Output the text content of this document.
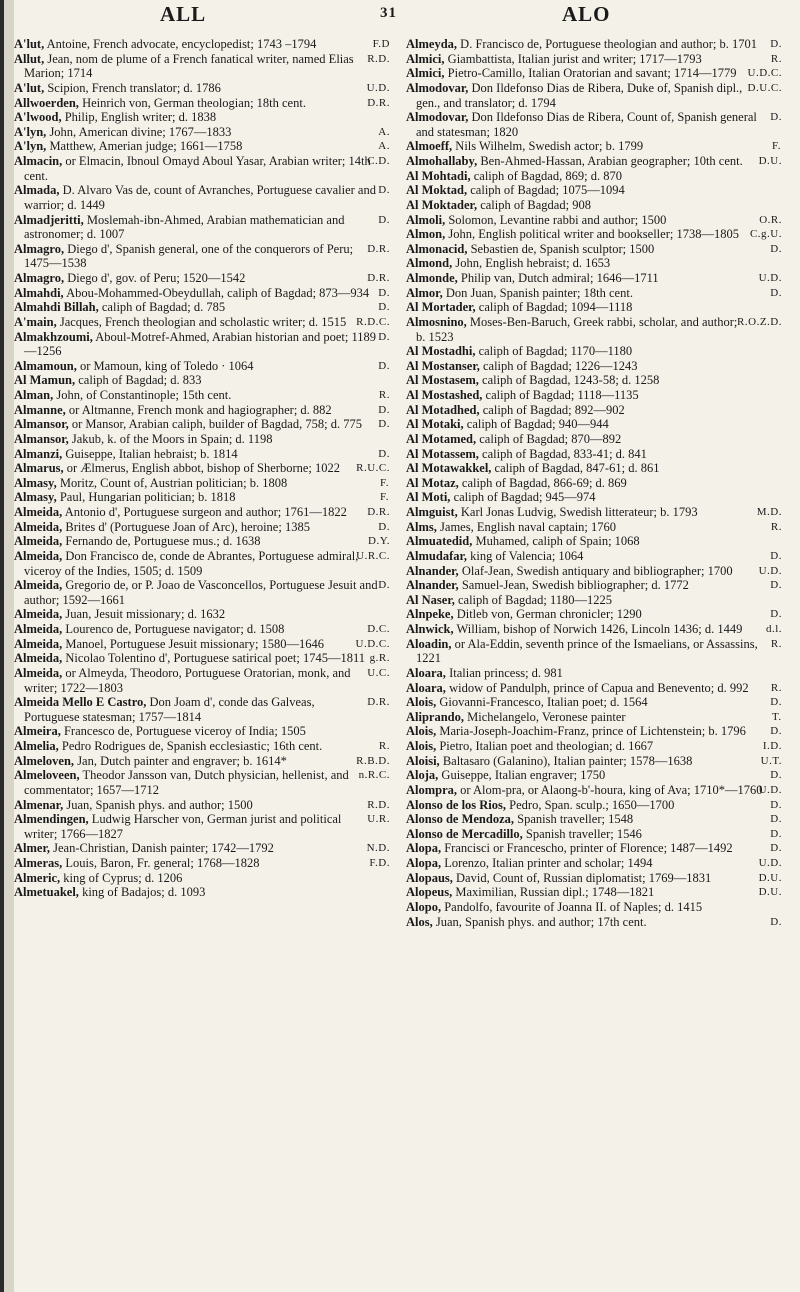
ALL	31	ALO

F.D
A'lut, Antoine, French advocate, encyclopedist; 1743 –1794

R.D.
Allut, Jean, nom de plume of a French fanatical writer, named Elias Marion; 1714

U.D.
A'lut, Scipion, French translator; d. 1786

D.R.
Allwoerden, Heinrich von, German theologian; 18th cent.

A'lwood, Philip, English writer; d. 1838

A.
A'lyn, John, American divine; 1767—1833

A.
A'lyn, Matthew, Amerian judge; 1661—1758

C.D.
Almacin, or Elmacin, Ibnoul Omayd Aboul Yasar, Arabian writer; 14th cent.

D.
Almada, D. Alvaro Vas de, count of Avranches, Portuguese cavalier and warrior; d. 1449

D.
Almadjeritti, Moslemah-ibn-Ahmed, Arabian mathematician and astronomer; d. 1007

D.R.
Almagro, Diego d', Spanish general, one of the conquerors of Peru; 1475—1538

D.R.
Almagro, Diego d', gov. of Peru; 1520—1542

D.
Almahdi, Abou-Mohammed-Obeydullah, caliph of Bagdad; 873—934

D.
Almahdi Billah, caliph of Bagdad; d. 785

R.D.C.
A'main, Jacques, French theologian and scholastic writer; d. 1515

D.
Almakhzoumi, Aboul-Motref-Ahmed, Arabian historian and poet; 1189—1256

D.
Almamoun, or Mamoun, king of Toledo · 1064

Al Mamun, caliph of Bagdad; d. 833

R.
Alman, John, of Constantinople; 15th cent.

D.
Almanne, or Altmanne, French monk and hagiographer; d. 882

D.
Almansor, or Mansor, Arabian caliph, builder of Bagdad, 758; d. 775

Almansor, Jakub, k. of the Moors in Spain; d. 1198

D.
Almanzi, Guiseppe, Italian hebraist; b. 1814

R.U.C.
Almarus, or Ælmerus, English abbot, bishop of Sherborne; 1022

F.
Almasy, Moritz, Count of, Austrian politician; b. 1808

F.
Almasy, Paul, Hungarian politician; b. 1818

D.R.
Almeida, Antonio d', Portuguese surgeon and author; 1761—1822

D.
Almeida, Brites d' (Portuguese Joan of Arc), heroine; 1385

D.Y.
Almeida, Fernando de, Portuguese mus.; d. 1638

U.R.C.
Almeida, Don Francisco de, conde de Abrantes, Portuguese admiral, viceroy of the Indies, 1505; d. 1509

D.
Almeida, Gregorio de, or P. Joao de Vasconcellos, Portuguese Jesuit and author; 1592—1661

Almeida, Juan, Jesuit missionary; d. 1632

D.C.
Almeida, Lourenco de, Portuguese navigator; d. 1508

U.D.C.
Almeida, Manoel, Portuguese Jesuit missionary; 1580—1646

g.R.
Almeida, Nicolao Tolentino d', Portuguese satirical poet; 1745—1811

U.C.
Almeida, or Almeyda, Theodoro, Portuguese Oratorian, monk, and writer; 1722—1803

D.R.
Almeida Mello E Castro, Don Joam d', conde das Galveas, Portuguese statesman; 1757—1814

Almeira, Francesco de, Portuguese viceroy of India; 1505

R.
Almelia, Pedro Rodrigues de, Spanish ecclesiastic; 16th cent.

R.B.D.
Almeloven, Jan, Dutch painter and engraver; b. 1614*

n.R.C.
Almeloveen, Theodor Jansson van, Dutch physician, hellenist, and commentator; 1657—1712

R.D.
Almenar, Juan, Spanish phys. and author; 1500

U.R.
Almendingen, Ludwig Harscher von, German jurist and political writer; 1766—1827

N.D.
Almer, Jean-Christian, Danish painter; 1742—1792

F.D.
Almeras, Louis, Baron, Fr. general; 1768—1828

Almeric, king of Cyprus; d. 1206

Almetuakel, king of Badajos; d. 1093

D.
Almeyda, D. Francisco de, Portuguese theologian and author; b. 1701

R.
Almici, Giambattista, Italian jurist and writer; 1717—1793

U.D.C.
Almici, Pietro-Camillo, Italian Oratorian and savant; 1714—1779

D.U.C.
Almodovar, Don Ildefonso Dias de Ribera, Duke of, Spanish dipl., gen., and translator; d. 1794

D.
Almodovar, Don Ildefonso Dias de Ribera, Count of, Spanish general and statesman; 1820

F.
Almoeff, Nils Wilhelm, Swedish actor; b. 1799

D.U.
Almohallaby, Ben-Ahmed-Hassan, Arabian geographer; 10th cent.

Al Mohtadi, caliph of Bagdad, 869; d. 870

Al Moktad, caliph of Bagdad; 1075—1094

Al Moktader, caliph of Bagdad; 908

O.R.
Almoli, Solomon, Levantine rabbi and author; 1500

C.g.U.
Almon, John, English political writer and bookseller; 1738—1805

D.
Almonacid, Sebastien de, Spanish sculptor; 1500

Almond, John, English hebraist; d. 1653

U.D.
Almonde, Philip van, Dutch admiral; 1646—1711

D.
Almor, Don Juan, Spanish painter; 18th cent.

Al Mortader, caliph of Bagdad; 1094—1118

R.O.Z.D.
Almosnino, Moses-Ben-Baruch, Greek rabbi, scholar, and author; b. 1523

Al Mostadhi, caliph of Bagdad; 1170—1180

Al Mostanser, caliph of Bagdad; 1226—1243

Al Mostasem, caliph of Bagdad, 1243-58; d. 1258

Al Mostashed, caliph of Bagdad; 1118—1135

Al Motadhed, caliph of Bagdad; 892—902

Al Motaki, caliph of Bagdad; 940—944

Al Motamed, caliph of Bagdad; 870—892

Al Motassem, caliph of Bagdad, 833-41; d. 841

Al Motawakkel, caliph of Bagdad, 847-61; d. 861

Al Motaz, caliph of Bagdad, 866-69; d. 869

Al Moti, caliph of Bagdad; 945—974

M.D.
Almguist, Karl Jonas Ludvig, Swedish litterateur; b. 1793

R.
Alms, James, English naval captain; 1760

Almuatedid, Muhamed, caliph of Spain; 1068

D.
Almudafar, king of Valencia; 1064

U.D.
Alnander, Olaf-Jean, Swedish antiquary and bibliographer; 1700

D.
Alnander, Samuel-Jean, Swedish bibliographer; d. 1772

Al Naser, caliph of Bagdad; 1180—1225

D.
Alnpeke, Ditleb von, German chronicler; 1290

d.l.
Alnwick, William, bishop of Norwich 1426, Lincoln 1436; d. 1449

R.
Aloadin, or Ala-Eddin, seventh prince of the Ismaelians, or Assassins, 1221

Aloara, Italian princess; d. 981

R.
Aloara, widow of Pandulph, prince of Capua and Benevento; d. 992

D.
Alois, Giovanni-Francesco, Italian poet; d. 1564

T.
Aliprando, Michelangelo, Veronese painter

D.
Alois, Maria-Joseph-Joachim-Franz, prince of Lichtenstein; b. 1796

I.D.
Alois, Pietro, Italian poet and theologian; d. 1667

U.T.
Aloisi, Baltasaro (Galanino), Italian painter; 1578—1638

D.
Aloja, Guiseppe, Italian engraver; 1750

U.D.
Alompra, or Alom-pra, or Alaong-b'-houra, king of Ava; 1710*—1760

D.
Alonso de los Rios, Pedro, Span. sculp.; 1650—1700

D.
Alonso de Mendoza, Spanish traveller; 1548

D.
Alonso de Mercadillo, Spanish traveller; 1546

D.
Alopa, Francisci or Francescho, printer of Florence; 1487—1492

U.D.
Alopa, Lorenzo, Italian printer and scholar; 1494

D.U.
Alopaus, David, Count of, Russian diplomatist; 1769—1831

D.U.
Alopeus, Maximilian, Russian dipl.; 1748—1821

Alopo, Pandolfo, favourite of Joanna II. of Naples; d. 1415

D.
Alos, Juan, Spanish phys. and author; 17th cent.
